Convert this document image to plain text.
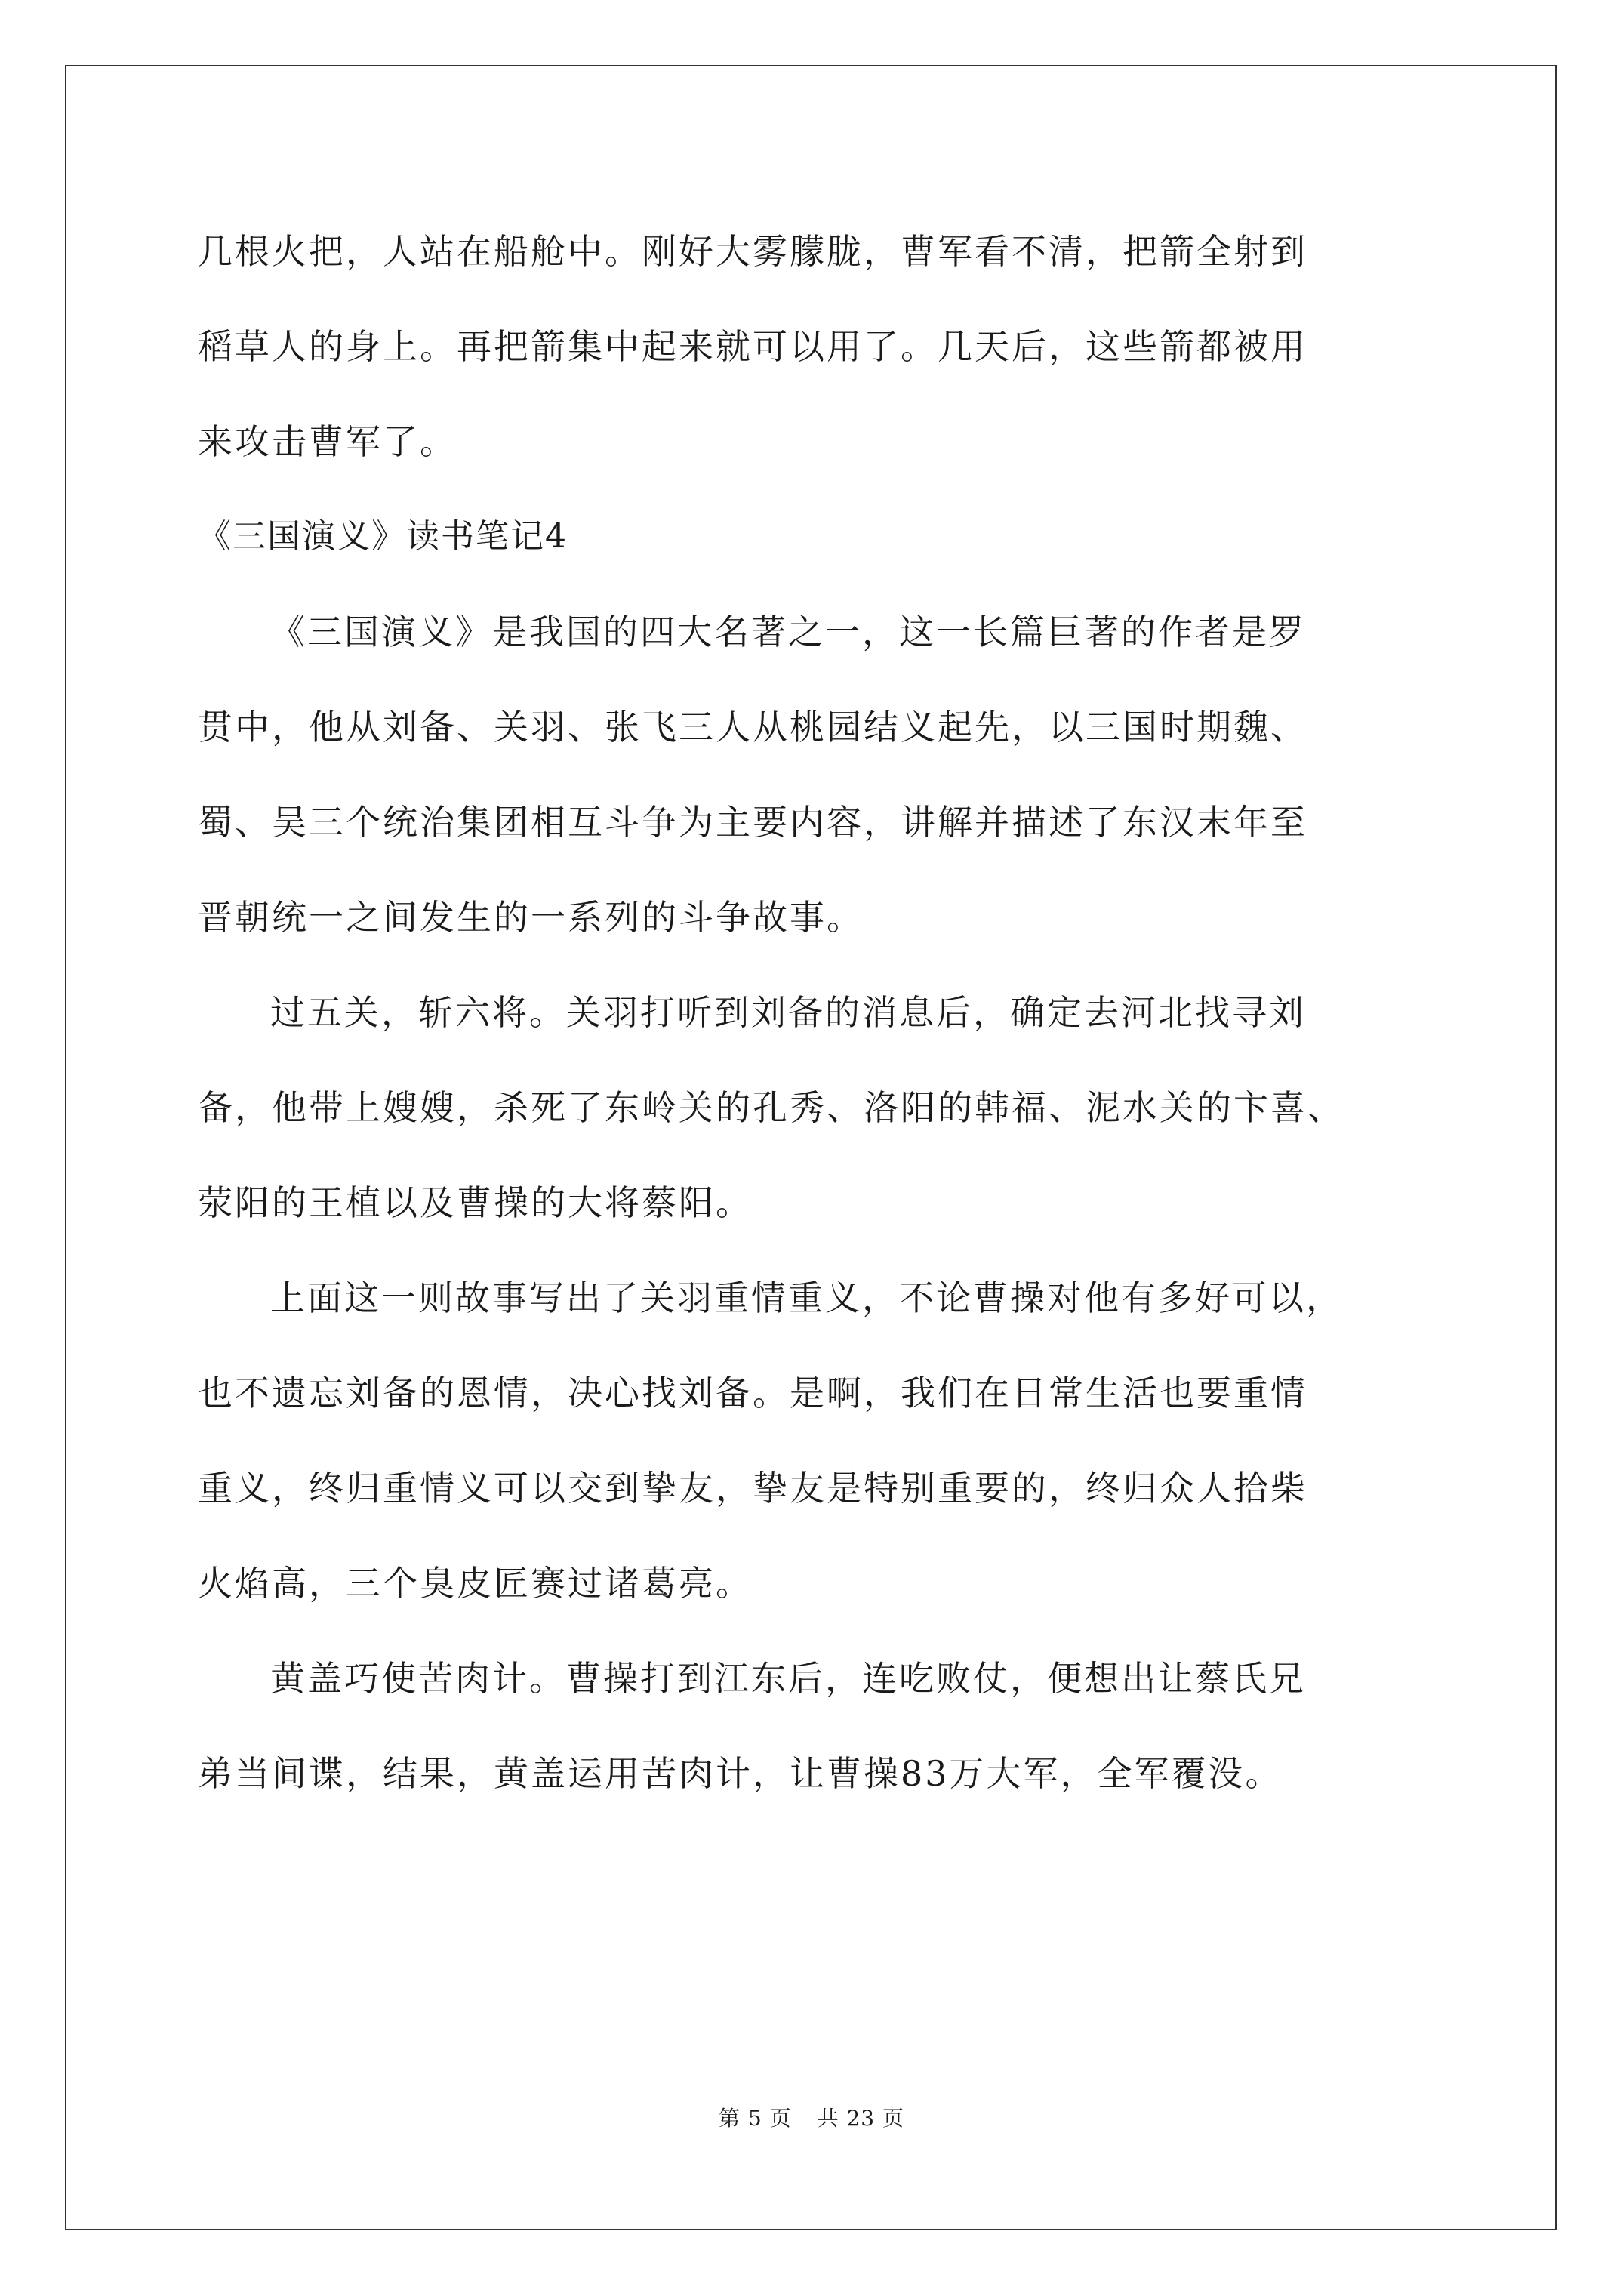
几根火把，人站在船舱中。刚好大雾朦胧，曹军看不清，把箭全射到
稻草人的身上。再把箭集中起来就可以用了。几天后，这些箭都被用
来攻击曹军了。
《三国演义》读书笔记4
《三国演义》是我国的四大名著之一，这一长篇巨著的作者是罗
贯中，他从刘备、关羽、张飞三人从桃园结义起先，以三国时期魏、
蜀、吴三个统治集团相互斗争为主要内容，讲解并描述了东汉末年至
晋朝统一之间发生的一系列的斗争故事。
过五关，斩六将。关羽打听到刘备的消息后，确定去河北找寻刘
备，他带上嫂嫂，杀死了东岭关的孔秀、洛阳的韩福、泥水关的卞喜、
荥阳的王植以及曹操的大将蔡阳。
上面这一则故事写出了关羽重情重义，不论曹操对他有多好可以，
也不遗忘刘备的恩情，决心找刘备。是啊，我们在日常生活也要重情
重义，终归重情义可以交到挚友，挚友是特别重要的，终归众人拾柴
火焰高，三个臭皮匠赛过诸葛亮。
黄盖巧使苦肉计。曹操打到江东后，连吃败仗，便想出让蔡氏兄
弟当间谍，结果，黄盖运用苦肉计，让曹操83万大军，全军覆没。
第 5 页 共 23 页
